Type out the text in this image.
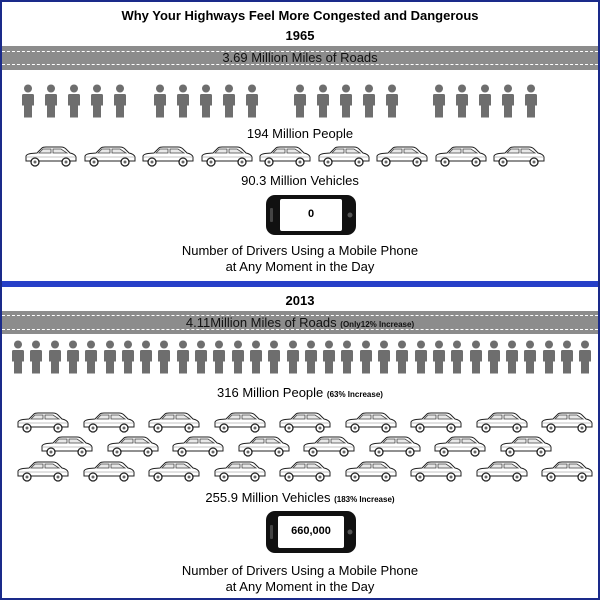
Why Your Highways Feel More Congested and Dangerous
1965
3.69 Million Miles of Roads
194 Million People
90.3 Million Vehicles
0
Number of Drivers Using a Mobile Phone
at Any Moment in the Day
2013
4.11Million Miles of Roads (Only12% Increase)
316 Million People (63% Increase)
255.9 Million Vehicles (183% Increase)
660,000
Number of Drivers Using a Mobile Phone
at Any Moment in the Day
